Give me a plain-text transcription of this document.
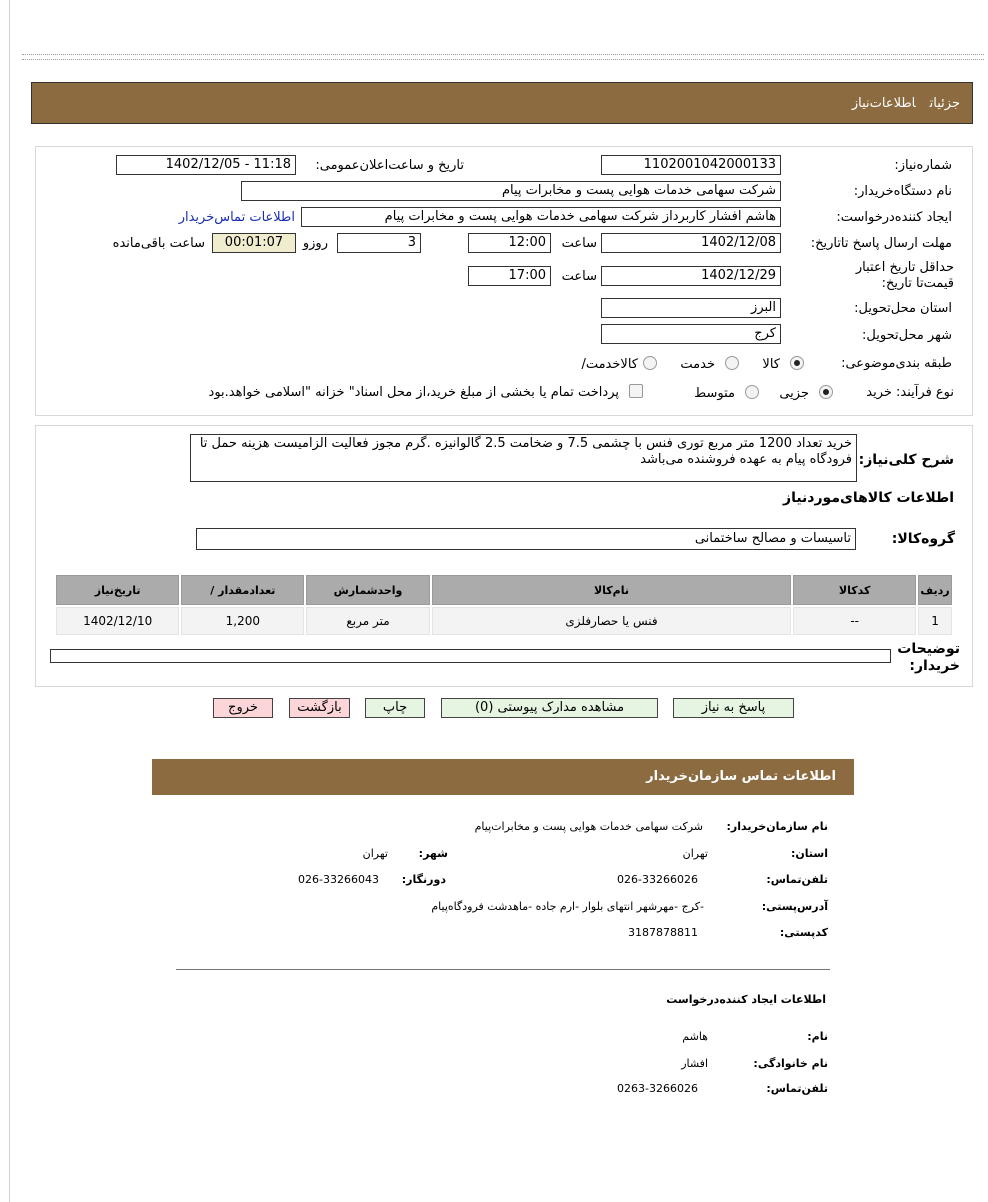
جزئیاتاطلاعات‌نیاز
شماره‌نیاز:
1102001042000133
تاریخ و ساعت‌اعلان‌عمومی:
1402/12/05 - 11:18
نام دستگاه‌خریدار:
شرکت سهامی خدمات هوایی پست و مخابرات پیام
ایجاد کننده‌درخواست:
هاشم افشار کاربرداز شرکت سهامی خدمات هوایی پست و مخابرات پیام
اطلاعات تماس‌خریدار
مهلت ارسال پاسخ تا‌تاریخ:
1402/12/08
ساعت
12:00
3
روزو
00:01:07
ساعت باقی‌مانده
حداقل تاریخ اعتبار قیمت‌تا تاریخ:
1402/12/29
ساعت
17:00
استان محل‌تحویل:
البرز
شهر محل‌تحویل:
کرج
طبقه بندی‌موضوعی:
کالا
خدمت
کالا‌خدمت/
نوع فرآیند: خرید
جزیی
متوسط
پرداخت تمام یا بخشی از مبلغ خرید،از محل اسناد" خزانه "اسلامی خواهد.بود
شرح کلی‌نیاز:
خرید تعداد 1200 متر مربع توری فنس با چشمی 7.5 و ضخامت 2.5 گالوانیزه .گرم مجوز فعالیت الزامیست هزینه حمل تا فرودگاه پیام به عهده فروشنده می‌باشد
اطلاعات کالاهای‌موردنیاز
گروه‌کالا:
تاسیسات و مصالح ساختمانی
ردیف	کدکالا	نام‌کالا	واحدشمارش	تعدادمقدار /	تاریخ‌نیاز
1	--	فنس یا حصارفلزی	متر مربع	1,200	1402/12/10
توضیحات خریدار:
پاسخ به نیاز
مشاهده مدارک پیوستی (0)
چاپ
بازگشت
خروج
اطلاعات تماس سازمان‌خریدار
نام سازمان‌خریدار:
شرکت سهامی خدمات هوایی پست و مخابرات‌پیام
استان:
تهران
شهر:
تهران
تلفن‌تماس:
026-33266026
دورنگار:
026-33266043
آدرس‌پستی:
-کرج -مهرشهر انتهای بلوار -ارم جاده -ماهدشت فرودگاه‌پیام
کد‌پستی:
3187878811
اطلاعات ایجاد کننده‌درخواست
نام:
هاشم
نام خانوادگی:
افشار
تلفن‌تماس:
0263-3266026
